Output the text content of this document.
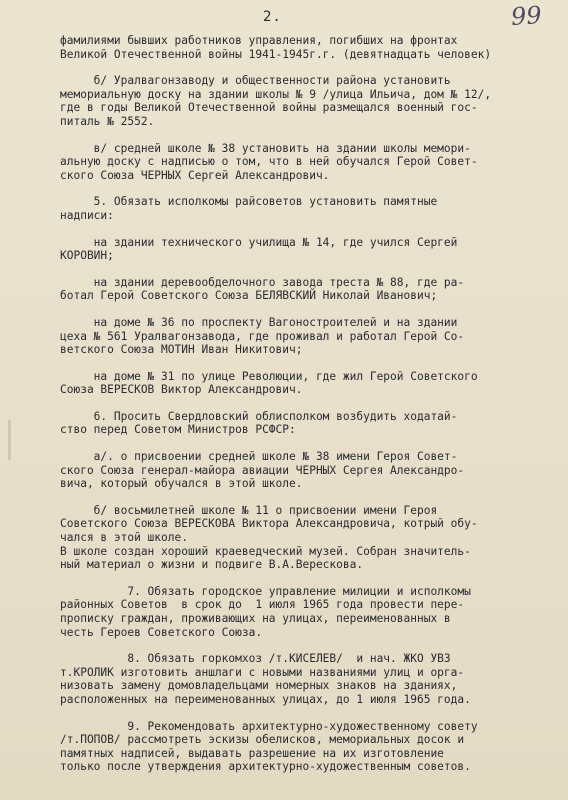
2.	99

фамилиями бывших работников управления, погибших на фронтах
Великой Отечественной войны 1941-1945г.г. (девятнадцать человек)

б/ Уралвагонзаводу и общественности района установить
мемориальную доску на здании школы № 9 /улица Ильича, дом № 12/,
где в годы Великой Отечественной войны размещался военный гос-
питаль № 2552.

в/ средней школе № 38 установить на здании школы мемори-
альную доску с надписью о том, что в ней обучался Герой Совет-
ского Союза ЧЕРНЫХ Сергей Александрович.

5. Обязать исполкомы райсоветов установить памятные
надписи:

на здании технического училища № 14, где учился Сергей
КОРОВИН;

на здании деревообделочного завода треста № 88, где ра-
ботал Герой Советского Союза БЕЛЯВСКИЙ Николай Иванович;

на доме № 36 по проспекту Вагоностроителей и на здании
цеха № 561 Уралвагонзавода, где проживал и работал Герой Со-
ветского Союза МОТИН Иван Никитович;

на доме № 31 по улице Революции, где жил Герой Советского
Союза ВЕРЕСКОВ Виктор Александрович.

6. Просить Свердловский облисполком возбудить ходатай-
ство перед Советом Министров РСФСР:

а/. о присвоении средней школе № 38 имени Героя Совет-
ского Союза генерал-майора авиации ЧЕРНЫХ Сергея Александро-
вича, который обучался в этой школе.

б/ восьмилетней школе № 11 о присвоении имени Героя
Советского Союза ВЕРЕСКОВА Виктора Александровича, котрый обу-
чался в этой школе.
В школе создан хороший краеведческий музей. Собран значитель-
ный материал о жизни и подвиге В.А.Верескова.

7. Обязать городское управление милиции и исполкомы
районных Советов  в срок до  1 июля 1965 года провести перe-
прописку граждан, проживающих на улицах, переименованных в
честь Героев Советского Союза.

8. Обязать горкомхоз /т.КИСЕЛЕВ/  и нач. ЖКО УВЗ
т.КРОЛИК изготовить аншлаги с новыми названиями улиц и орга-
низовать замену домовладельцами номерных знаков на зданиях,
расположенных на переименованных улицах, до 1 июля 1965 года.

9. Рекомендовать архитектурно-художественному совету
/т.ПОПОВ/ рассмотреть эскизы обелисков, мемориальных досок и
памятных надписей, выдавать разрешение на их изготовление
только после утверждения архитектурно-художественным советов.
